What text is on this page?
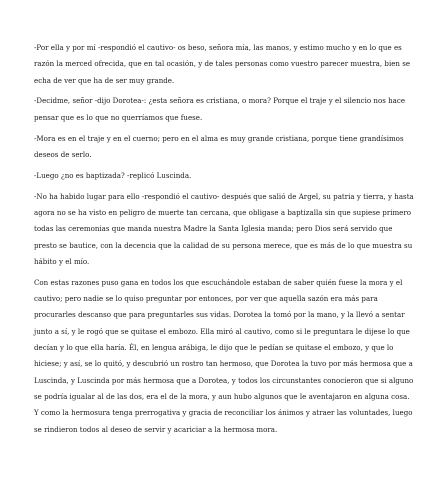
-Por ella y por mí -respondió el cautivo- os beso, señora mía, las manos, y estimo mucho y en lo que es razón la merced ofrecida, que en tal ocasión, y de tales personas como vuestro parecer muestra, bien se echa de ver que ha de ser muy grande.

-Decidme, señor -dijo Dorotea-: ¿esta señora es cristiana, o mora? Porque el traje y el silencio nos hace pensar que es lo que no querríamos que fuese.

-Mora es en el traje y en el cuerno; pero en el alma es muy grande cristiana, porque tiene grandísimos deseos de serlo.

-Luego ¿no es baptizada? -replicó Luscinda.

-No ha habido lugar para ello -respondió el cautivo- después que salió de Argel, su patria y tierra, y hasta agora no se ha visto en peligro de muerte tan cercana, que obligase a baptizalla sin que supiese primero todas las ceremonias que manda nuestra Madre la Santa Iglesia manda; pero Dios será servido que presto se bautice, con la decencia que la calidad de su persona merece, que es más de lo que muestra su hábito y el mío.

Con estas razones puso gana en todos los que escuchándole estaban de saber quién fuese la mora y el cautivo; pero nadie se lo quiso preguntar por entonces, por ver que aquella sazón era más para procurarles descanso que para preguntarles sus vidas. Dorotea la tomó por la mano, y la llevó a sentar junto a sí, y le rogó que se quitase el embozo. Ella miró al cautivo, como si le preguntara le dijese lo que decían y lo que ella haría. Él, en lengua arábiga, le dijo que le pedían se quitase el embozo, y que lo hiciese; y así, se lo quitó, y descubrió un rostro tan hermoso, que Dorotea la tuvo por más hermosa que a Luscinda, y Luscinda por más hermosa que a Dorotea, y todos los circunstantes conocieron que si alguno se podría igualar al de las dos, era el de la mora, y aun hubo algunos que le aventajaron en alguna cosa. Y como la hermosura tenga prerrogativa y gracia de reconciliar los ánimos y atraer las voluntades, luego se rindieron todos al deseo de servir y acariciar a la hermosa mora.
